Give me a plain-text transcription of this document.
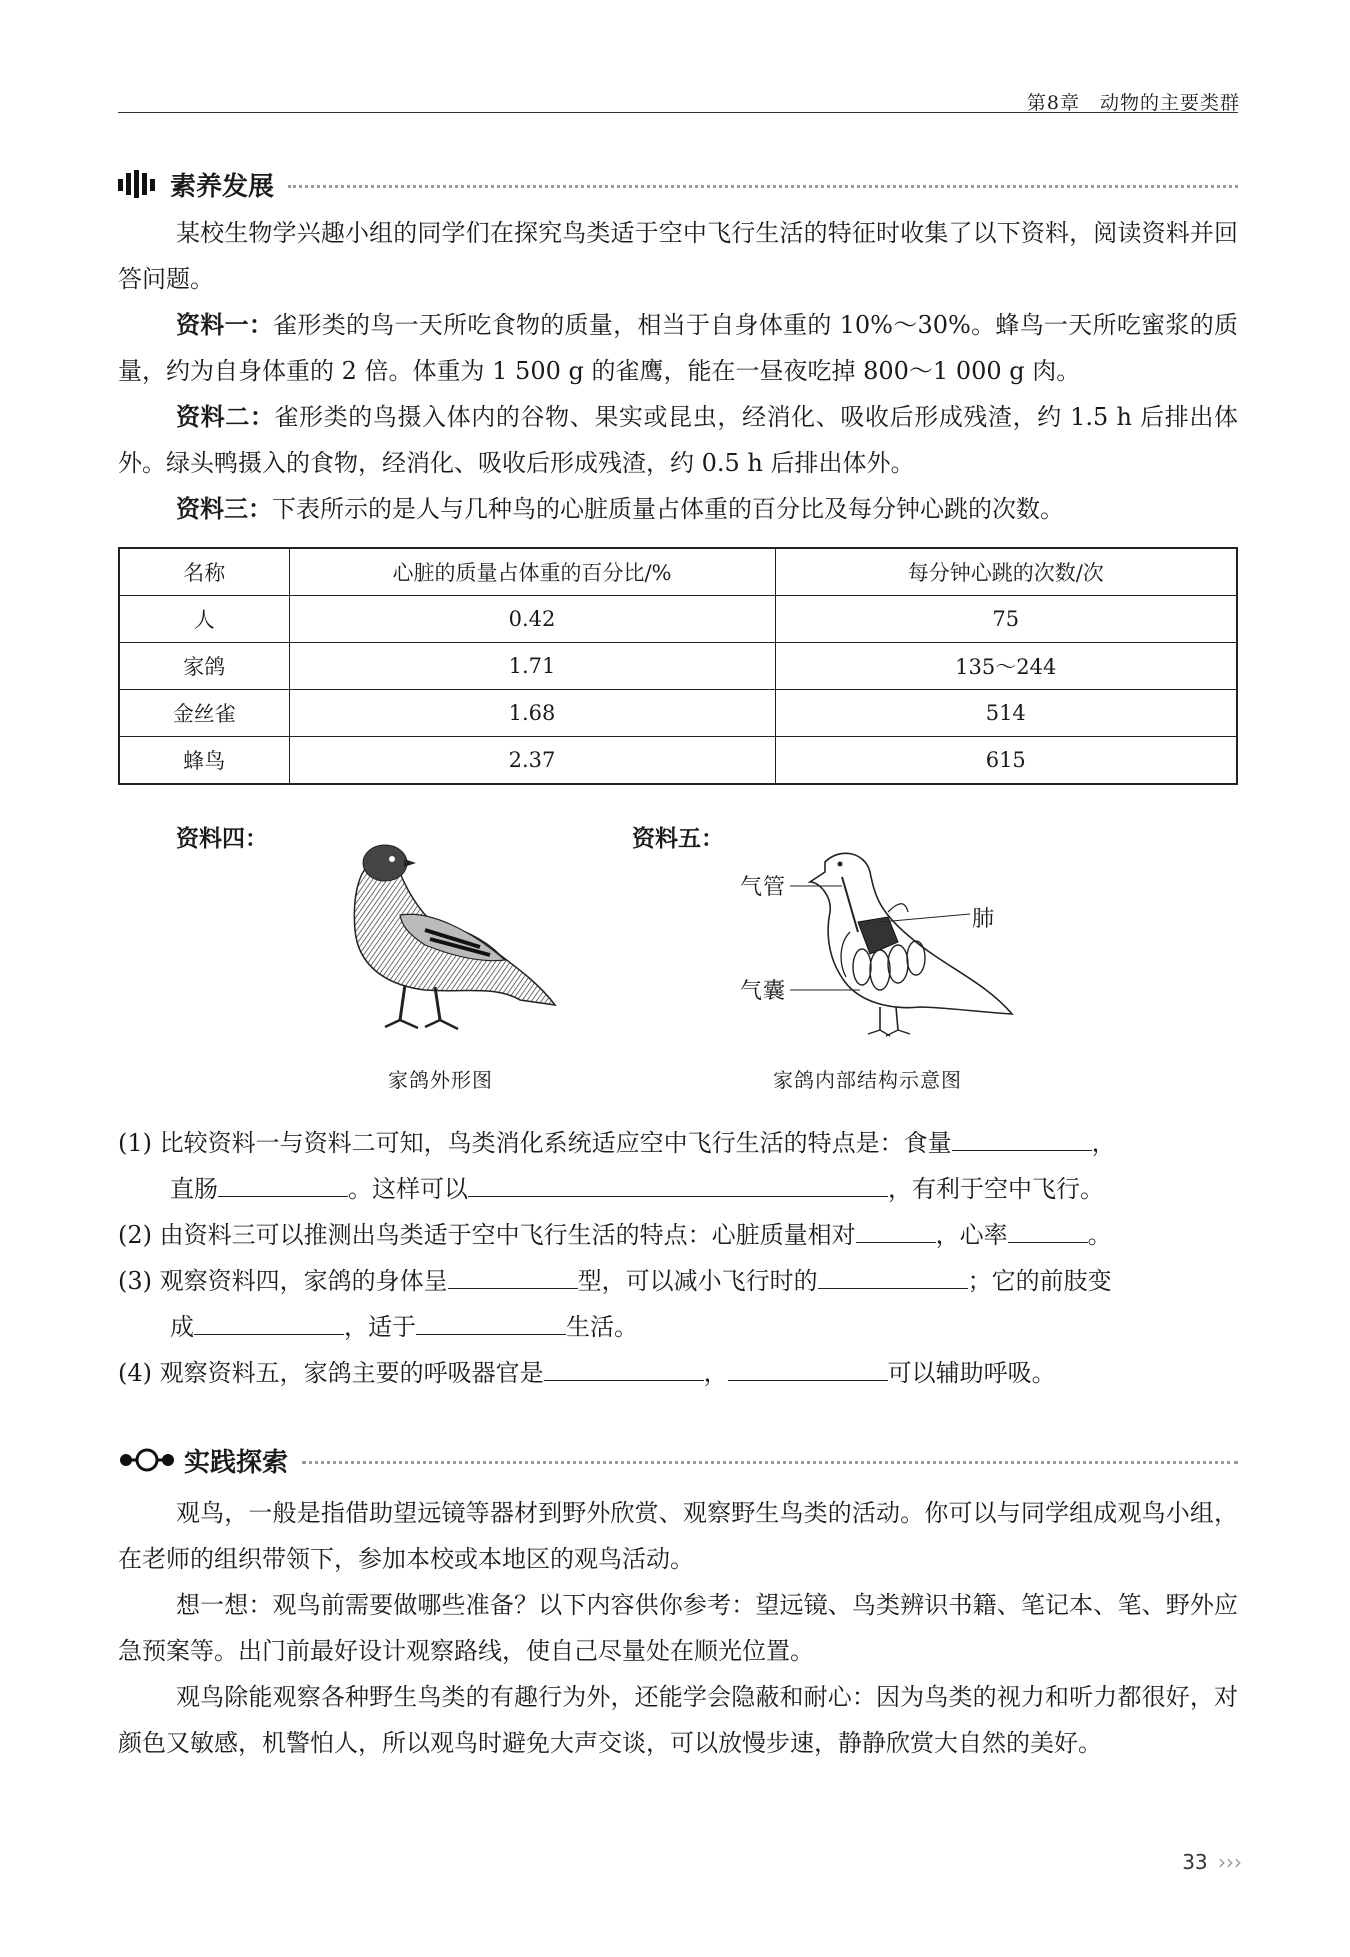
第8章　动物的主要类群
素养发展
某校生物学兴趣小组的同学们在探究鸟类适于空中飞行生活的特征时收集了以下资料，阅读资料并回答问题。
资料一：雀形类的鸟一天所吃食物的质量，相当于自身体重的 10%～30%。蜂鸟一天所吃蜜浆的质量，约为自身体重的 2 倍。体重为 1 500 g 的雀鹰，能在一昼夜吃掉 800～1 000 g 肉。
资料二：雀形类的鸟摄入体内的谷物、果实或昆虫，经消化、吸收后形成残渣，约 1.5 h 后排出体外。绿头鸭摄入的食物，经消化、吸收后形成残渣，约 0.5 h 后排出体外。
资料三：下表所示的是人与几种鸟的心脏质量占体重的百分比及每分钟心跳的次数。
名称	心脏的质量占体重的百分比/%	每分钟心跳的次数/次
人	0.42	75
家鸽	1.71	135～244
金丝雀	1.68	514
蜂鸟	2.37	615
资料四：	资料五：
家鸽外形图
气管
肺
气囊
家鸽内部结构示意图
(1) 比较资料一与资料二可知，鸟类消化系统适应空中飞行生活的特点是：食量	，
直肠	。这样可以	，有利于空中飞行。
(2) 由资料三可以推测出鸟类适于空中飞行生活的特点：心脏质量相对	，心率	。
(3) 观察资料四，家鸽的身体呈	型，可以减小飞行时的	；它的前肢变
成	，适于	生活。
(4) 观察资料五，家鸽主要的呼吸器官是	，	可以辅助呼吸。
实践探索
观鸟，一般是指借助望远镜等器材到野外欣赏、观察野生鸟类的活动。你可以与同学组成观鸟小组，在老师的组织带领下，参加本校或本地区的观鸟活动。
想一想：观鸟前需要做哪些准备？以下内容供你参考：望远镜、鸟类辨识书籍、笔记本、笔、野外应急预案等。出门前最好设计观察路线，使自己尽量处在顺光位置。
观鸟除能观察各种野生鸟类的有趣行为外，还能学会隐蔽和耐心：因为鸟类的视力和听力都很好，对颜色又敏感，机警怕人，所以观鸟时避免大声交谈，可以放慢步速，静静欣赏大自然的美好。
33 ›››
